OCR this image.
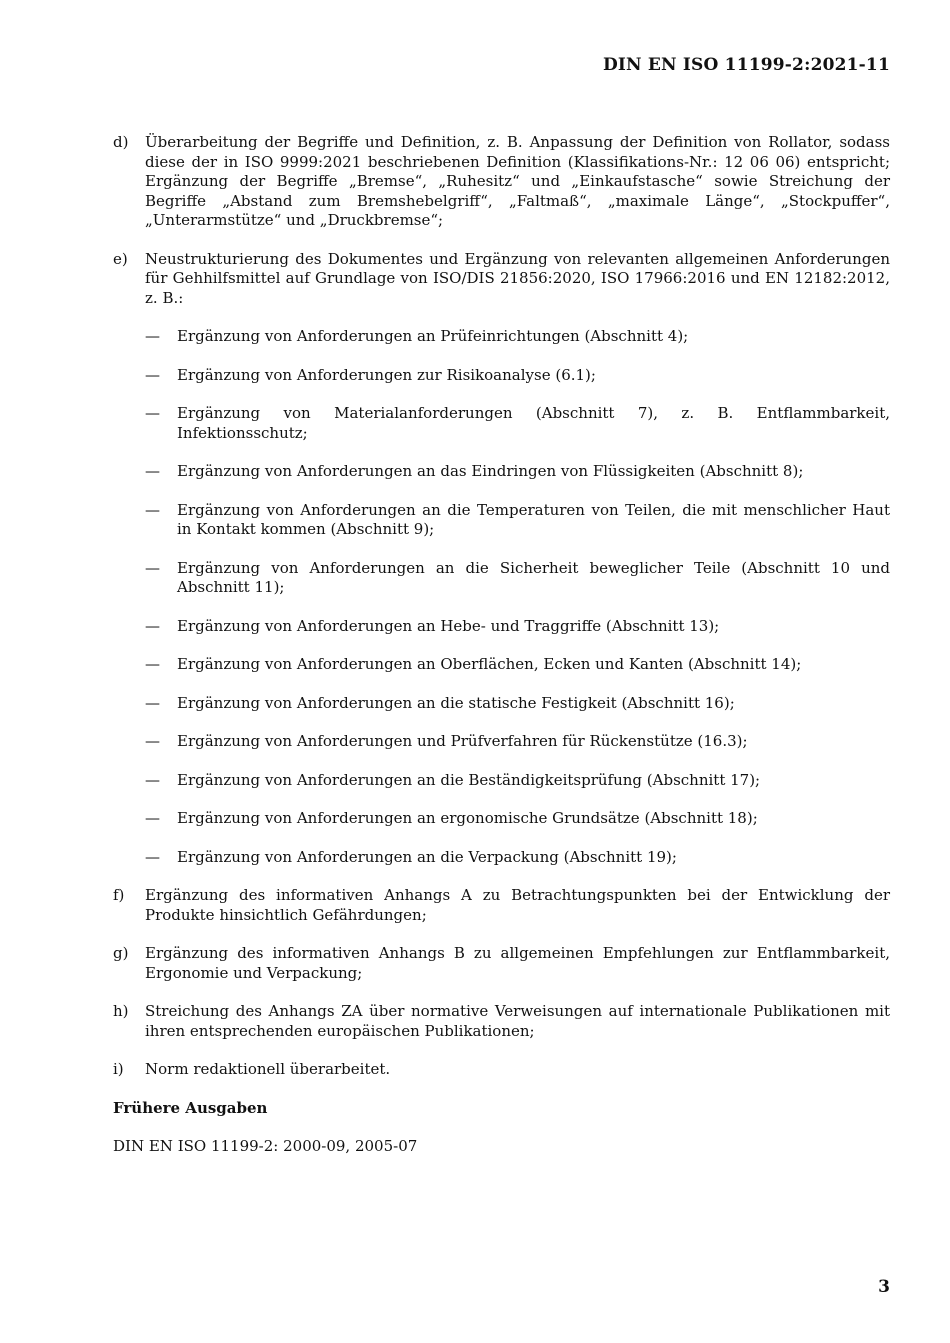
DIN EN ISO 11199-2:2021-11
d) Überarbeitung der Begriffe und Definition, z. B. Anpassung der Definition von Rollator, sodass diese der in ISO 9999:2021 beschriebenen Definition (Klassifikations-Nr.: 12 06 06) entspricht; Ergänzung der Begriffe „Bremse“, „Ruhesitz“ und „Einkaufstasche“ sowie Streichung der Begriffe „Abstand zum Bremshebelgriff“, „Faltmaß“, „maximale Länge“, „Stockpuffer“, „Unterarmstütze“ und „Druckbremse“;
e) Neustrukturierung des Dokumentes und Ergänzung von relevanten allgemeinen Anforderungen für Gehhilfsmittel auf Grundlage von ISO/DIS 21856:2020, ISO 17966:2016 und EN 12182:2012, z. B.:
— Ergänzung von Anforderungen an Prüfeinrichtungen (Abschnitt 4);
— Ergänzung von Anforderungen zur Risikoanalyse (6.1);
— Ergänzung von Materialanforderungen (Abschnitt 7), z. B. Entflammbarkeit, Infektionsschutz;
— Ergänzung von Anforderungen an das Eindringen von Flüssigkeiten (Abschnitt 8);
— Ergänzung von Anforderungen an die Temperaturen von Teilen, die mit menschlicher Haut in Kontakt kommen (Abschnitt 9);
— Ergänzung von Anforderungen an die Sicherheit beweglicher Teile (Abschnitt 10 und Abschnitt 11);
— Ergänzung von Anforderungen an Hebe- und Traggriffe (Abschnitt 13);
— Ergänzung von Anforderungen an Oberflächen, Ecken und Kanten (Abschnitt 14);
— Ergänzung von Anforderungen an die statische Festigkeit (Abschnitt 16);
— Ergänzung von Anforderungen und Prüfverfahren für Rückenstütze (16.3);
— Ergänzung von Anforderungen an die Beständigkeitsprüfung (Abschnitt 17);
— Ergänzung von Anforderungen an ergonomische Grundsätze (Abschnitt 18);
— Ergänzung von Anforderungen an die Verpackung (Abschnitt 19);
f) Ergänzung des informativen Anhangs A zu Betrachtungspunkten bei der Entwicklung der Produkte hinsichtlich Gefährdungen;
g) Ergänzung des informativen Anhangs B zu allgemeinen Empfehlungen zur Entflammbarkeit, Ergonomie und Verpackung;
h) Streichung des Anhangs ZA über normative Verweisungen auf internationale Publikationen mit ihren entsprechenden europäischen Publikationen;
i) Norm redaktionell überarbeitet.
Frühere Ausgaben

DIN EN ISO 11199-2: 2000-09, 2005-07

3
